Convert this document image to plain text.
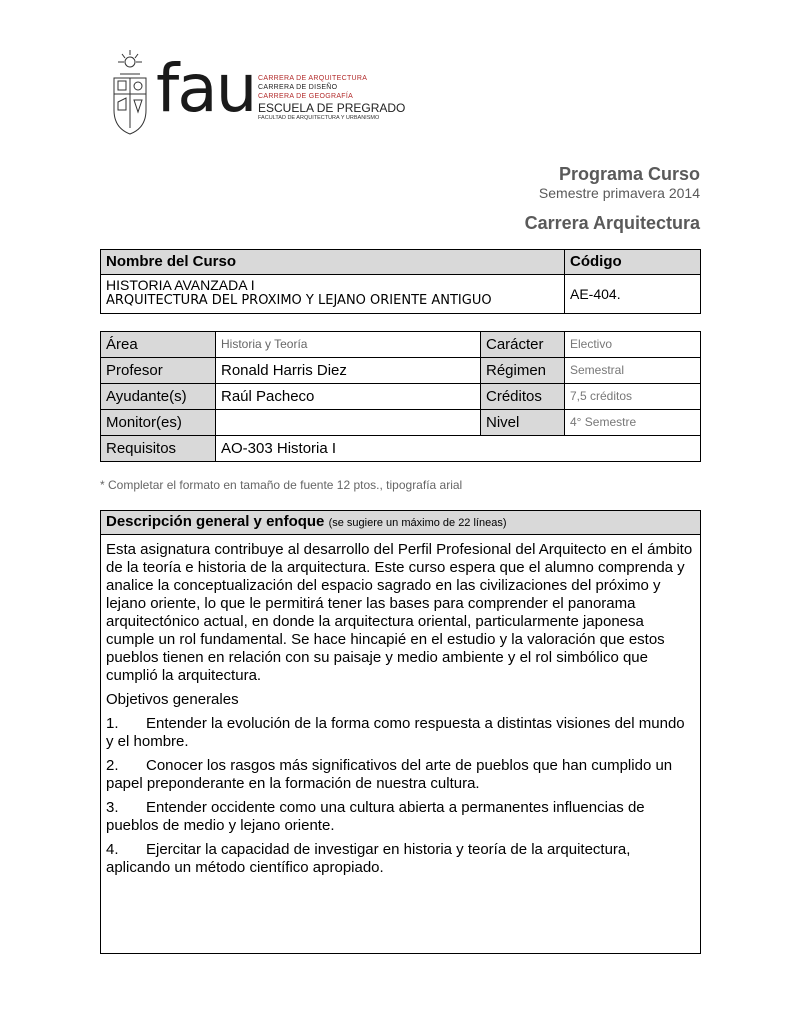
fau CARRERA DE ARQUITECTURA
CARRERA DE DISEÑO
CARRERA DE GEOGRAFÍA
ESCUELA DE PREGRADO
FACULTAD DE ARQUITECTURA Y URBANISMO
Programa Curso
Semestre primavera 2014
Carrera Arquitectura
Nombre del Curso	Código

HISTORIA AVANZADA I
ARQUITECTURA DEL PROXIMO Y LEJANO ORIENTE ANTIGUO	AE-404.
Área	Historia y Teoría	Carácter	Electivo
Profesor	Ronald Harris Diez	Régimen	Semestral
Ayudante(s)	Raúl Pacheco	Créditos	7,5 créditos
Monitor(es)		Nivel	4° Semestre
Requisitos	AO-303 Historia I		
* Completar el formato en tamaño de fuente 12 ptos., tipografía arial
Descripción general y enfoque (se sugiere un máximo de 22 líneas)

Esta asignatura contribuye al desarrollo del Perfil Profesional del Arquitecto en el ámbito de la teoría e historia de la arquitectura. Este curso espera que el alumno comprenda y analice la conceptualización del espacio sagrado en las civilizaciones del próximo y lejano oriente, lo que le permitirá tener las bases para comprender el panorama arquitectónico actual, en donde la arquitectura oriental, particularmente japonesa cumple un rol fundamental. Se hace hincapié en el estudio y la valoración que estos pueblos tienen en relación con su paisaje y medio ambiente y el rol simbólico que cumplió la arquitectura.

Objetivos generales

1. Entender la evolución de la forma como respuesta a distintas visiones del mundo y el hombre.
2. Conocer los rasgos más significativos del arte de pueblos que han cumplido un papel preponderante en la formación de nuestra cultura.
3. Entender occidente como una cultura abierta a permanentes influencias de pueblos de medio y lejano oriente.
4. Ejercitar la capacidad de investigar en historia y teoría de la arquitectura, aplicando un método científico apropiado.
